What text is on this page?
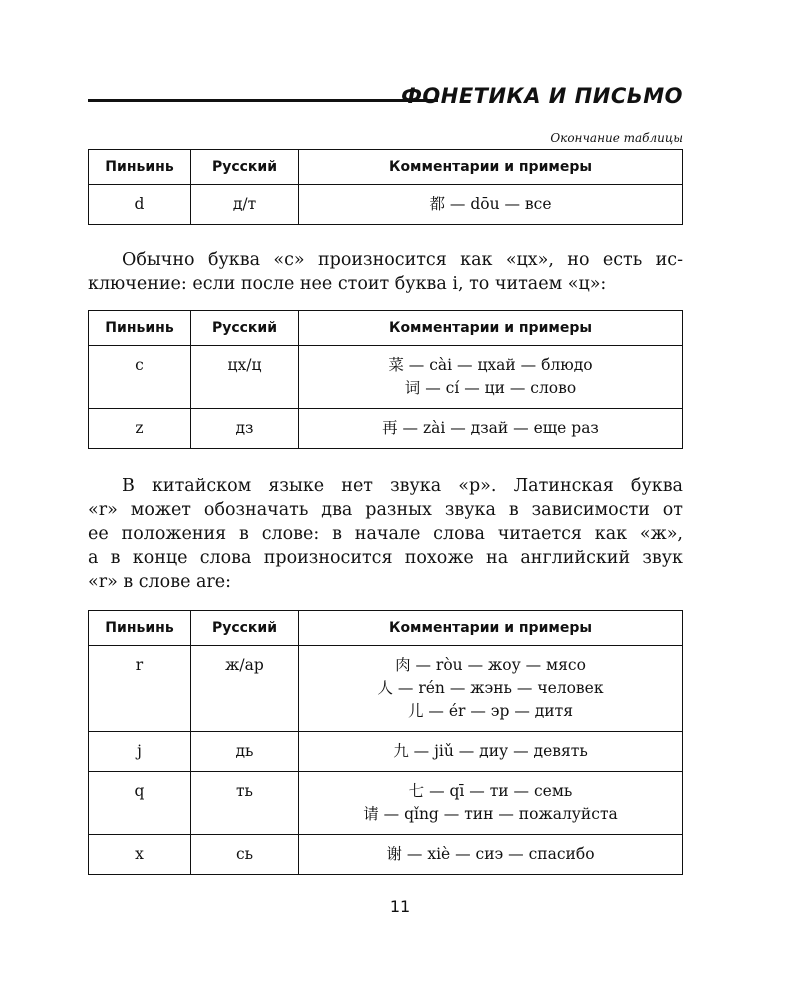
ФОНЕТИКА И ПИСЬМО
Окончание таблицы
Пиньинь	Русский	Комментарии и примеры
d	д/т	都 — dōu — все

Обычно буква «c» произносится как «цх», но есть ис-
ключение: если после нее стоит буква i, то читаем «ц»:

Пиньинь	Русский	Комментарии и примеры
c	цх/ц	菜 — cài — цхай — блюдо
词 — cí — ци — слово

z	дз	再 — zài — дзай — еще раз

В китайском языке нет звука «р». Латинская буква
«r» может обозначать два разных звука в зависимости от
ее положения в слове: в начале слова читается как «ж»,
а в конце слова произносится похоже на английский звук
«r» в слове are:

Пиньинь	Русский	Комментарии и примеры
r	ж/ар	肉 — ròu — жоу — мясо
人 — rén — жэнь — человек
儿 — ér — эр — дитя

j	дь	九 — jiǔ — диу — девять

q	ть	七 — qī — ти — семь
请 — qǐng — тин — пожалуйста

x	сь	谢 — xiè — сиэ — спасибо
11
